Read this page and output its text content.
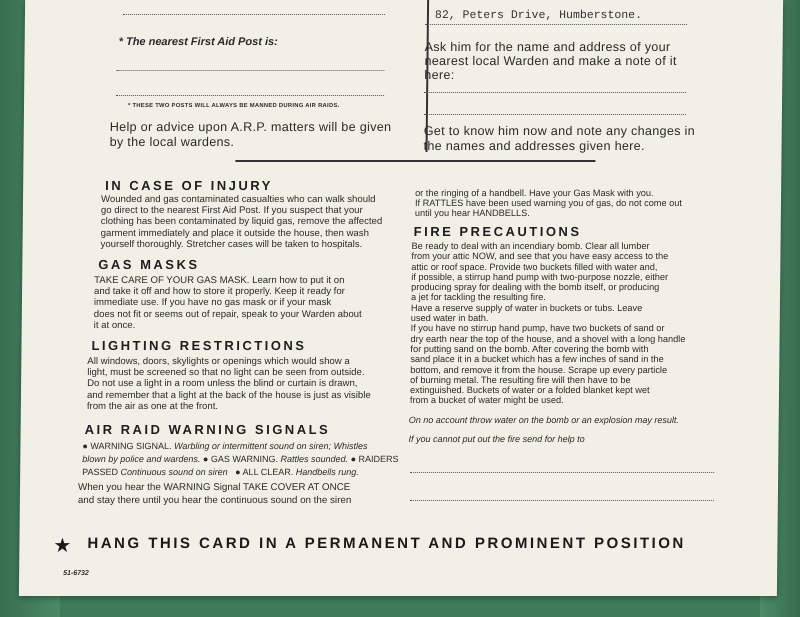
* The nearest First Aid Post is:
* THESE TWO POSTS WILL ALWAYS BE MANNED DURING AIR RAIDS.
Help or advice upon A.R.P. matters will be given by the local wardens.
82, Peters Drive, Humberstone.
Ask him for the name and address of your nearest local Warden and make a note of it here:
Get to know him now and note any changes in the names and addresses given here.
IN CASE OF INJURY
Wounded and gas contaminated casualties who can walk should
go direct to the nearest First Aid Post. If you suspect that your
clothing has been contaminated by liquid gas, remove the affected
garment immediately and place it outside the house, then wash
yourself thoroughly. Stretcher cases will be taken to hospitals.
GAS MASKS
TAKE CARE OF YOUR GAS MASK. Learn how to put it on
and take it off and how to store it properly. Keep it ready for
immediate use. If you have no gas mask or if your mask
does not fit or seems out of repair, speak to your Warden about
it at once.
LIGHTING RESTRICTIONS
All windows, doors, skylights or openings which would show a
light, must be screened so that no light can be seen from outside.
Do not use a light in a room unless the blind or curtain is drawn,
and remember that a light at the back of the house is just as visible
from the air as one at the front.
AIR RAID WARNING SIGNALS
● WARNING SIGNAL. Warbling or intermittent sound on siren; Whistles
blown by police and wardens. ● GAS WARNING. Rattles sounded. ● RAIDERS
PASSED Continuous sound on siren ● ALL CLEAR. Handbells rung.
When you hear the WARNING Signal TAKE COVER AT ONCE
and stay there until you hear the continuous sound on the siren
or the ringing of a handbell. Have your Gas Mask with you.
If RATTLES have been used warning you of gas, do not come out
until you hear HANDBELLS.
FIRE PRECAUTIONS
Be ready to deal with an incendiary bomb. Clear all lumber
from your attic NOW, and see that you have easy access to the
attic or roof space. Provide two buckets filled with water and,
if possible, a stirrup hand pump with two-purpose nozzle, either
producing spray for dealing with the bomb itself, or producing
a jet for tackling the resulting fire.
Have a reserve supply of water in buckets or tubs. Leave
used water in bath.
If you have no stirrup hand pump, have two buckets of sand or
dry earth near the top of the house, and a shovel with a long handle
for putting sand on the bomb. After covering the bomb with
sand place it in a bucket which has a few inches of sand in the
bottom, and remove it from the house. Scrape up every particle
of burning metal. The resulting fire will then have to be
extinguished. Buckets of water or a folded blanket kept wet
from a bucket of water might be used.
On no account throw water on the bomb or an explosion may result.
If you cannot put out the fire send for help to
★ HANG THIS CARD IN A PERMANENT AND PROMINENT POSITION
51-6732
